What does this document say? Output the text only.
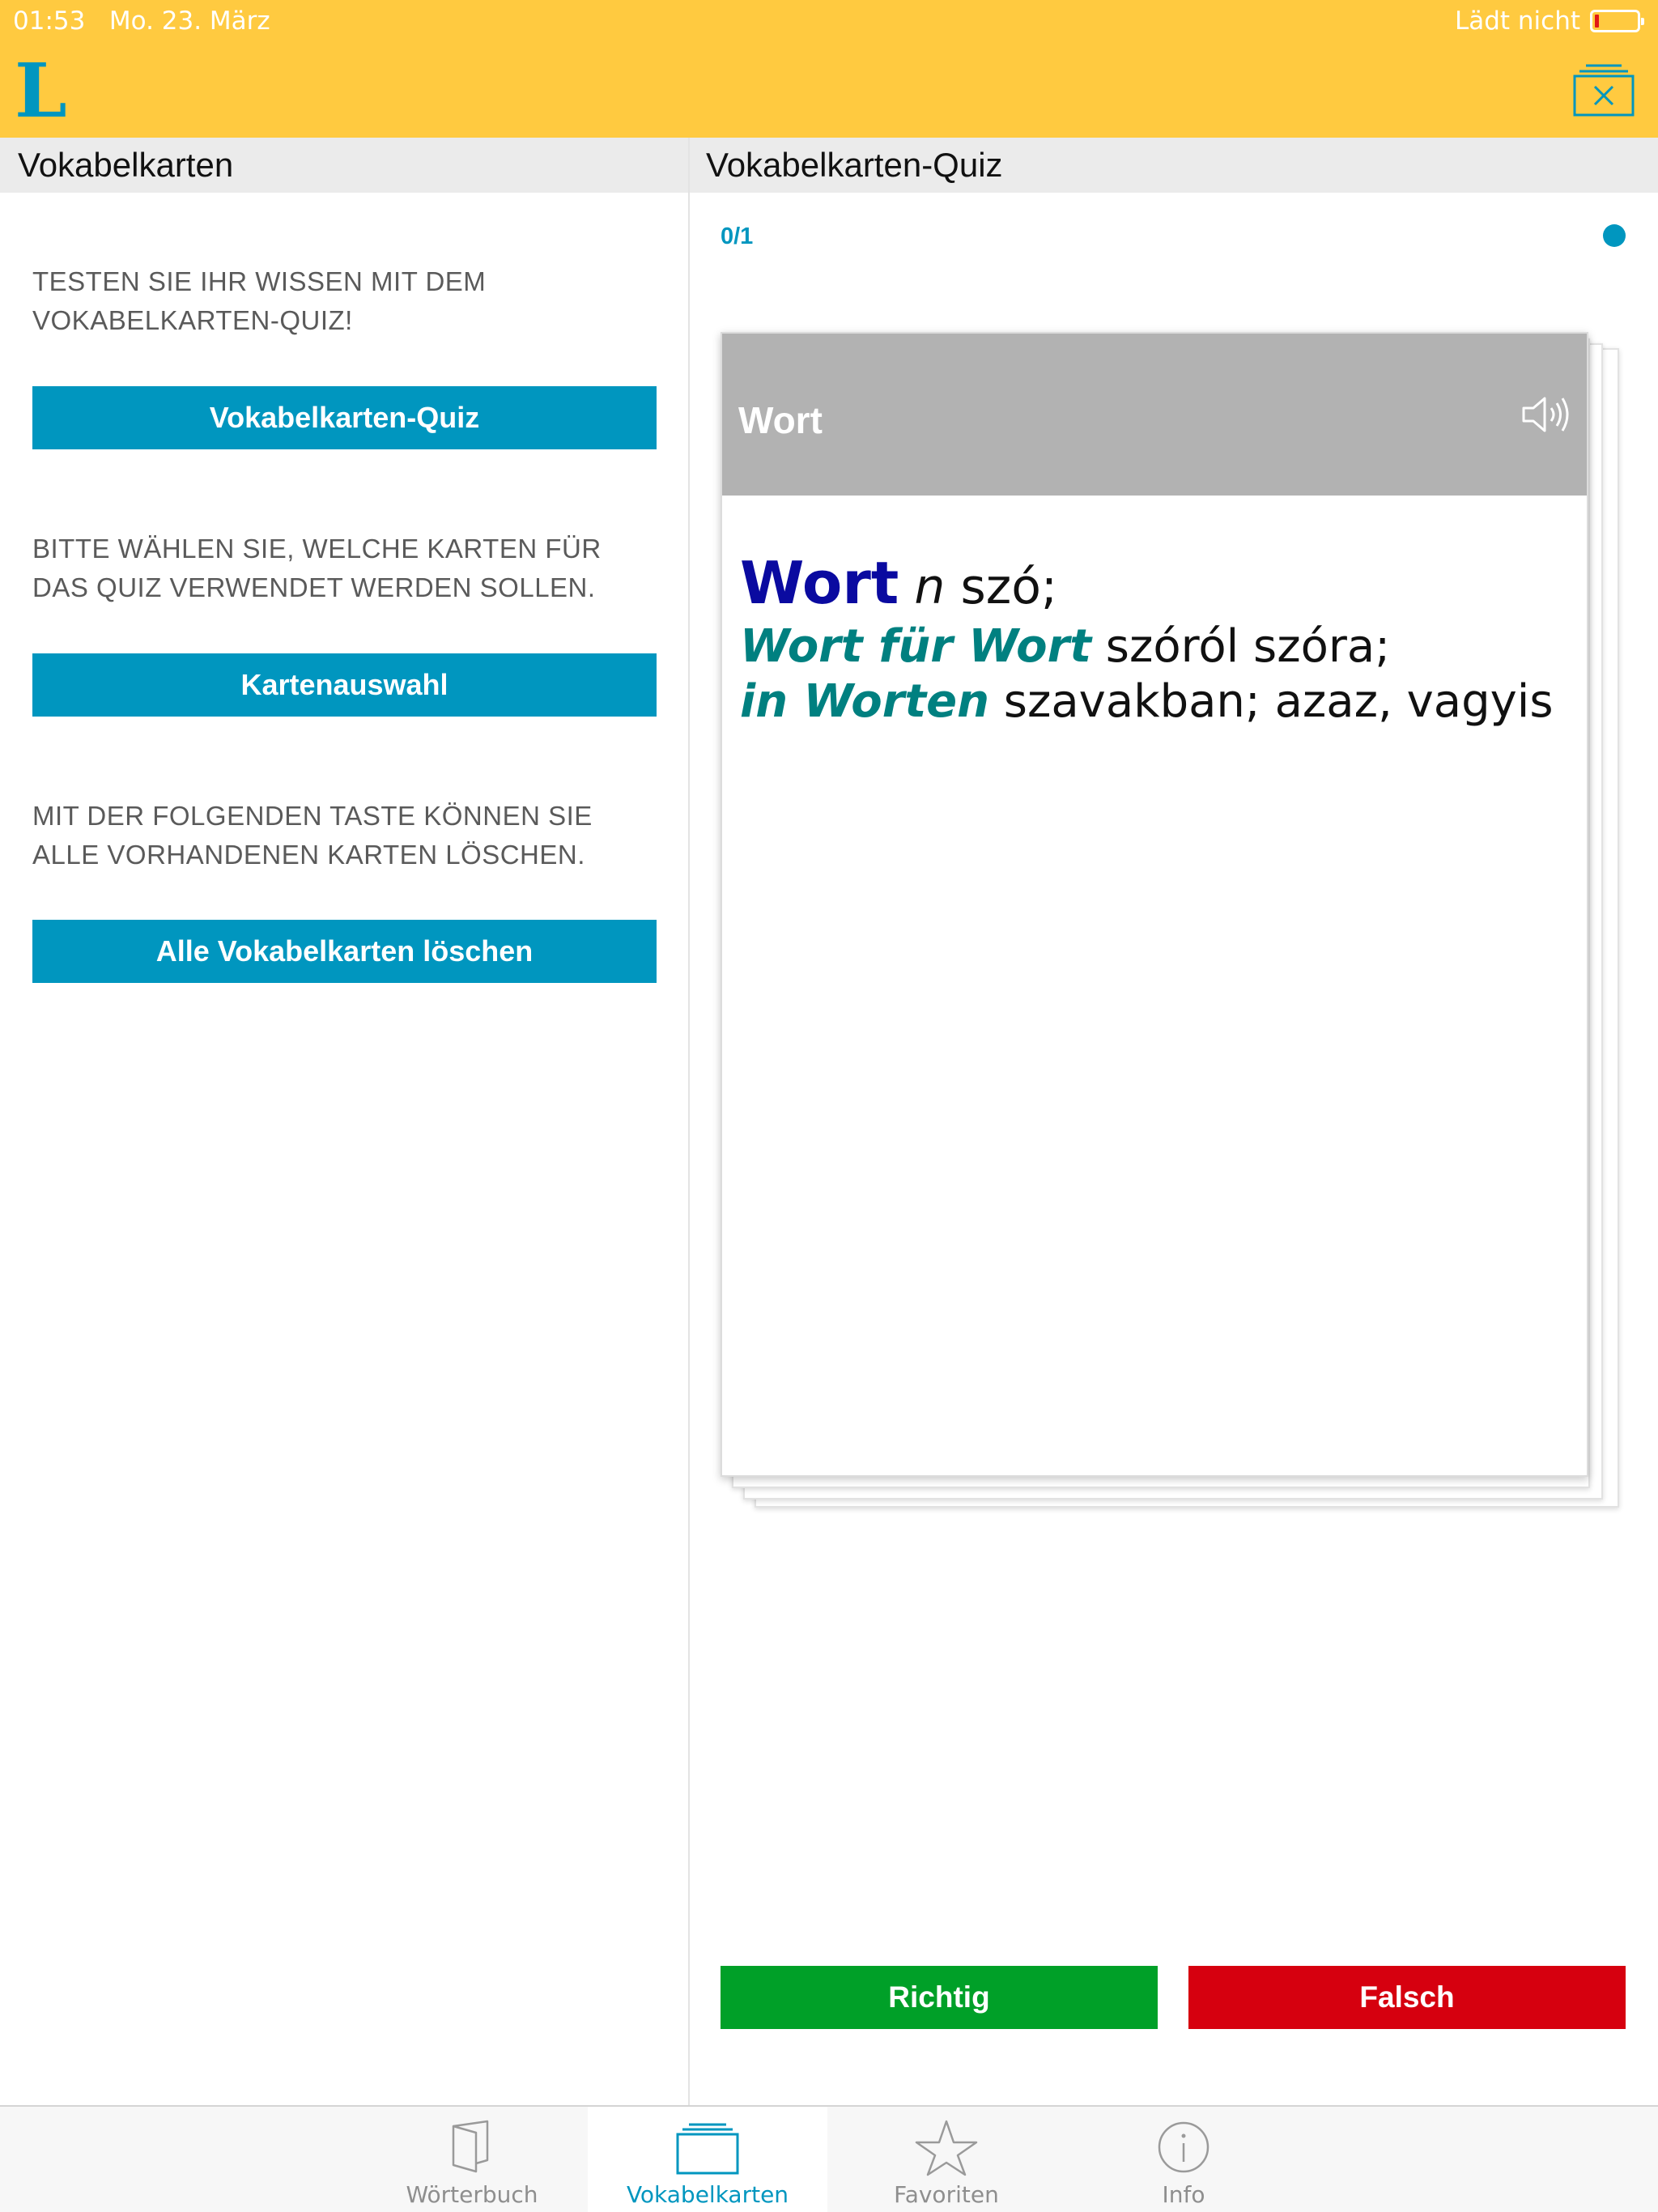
01:53 Mo. 23. März	Lädt nicht
L
Vokabelkarten	Vokabelkarten-Quiz
TESTEN SIE IHR WISSEN MIT DEM VOKABELKARTEN-QUIZ!
Vokabelkarten-Quiz
BITTE WÄHLEN SIE, WELCHE KARTEN FÜR DAS QUIZ VERWENDET WERDEN SOLLEN.
Kartenauswahl
MIT DER FOLGENDEN TASTE KÖNNEN SIE ALLE VORHANDENEN KARTEN LÖSCHEN.
Alle Vokabelkarten löschen
0/1
Wort
Wort n szó;
Wort für Wort szóról szóra;
in Worten szavakban; azaz, vagyis
Richtig	Falsch
Wörterbuch	Vokabelkarten	Favoriten	Info
